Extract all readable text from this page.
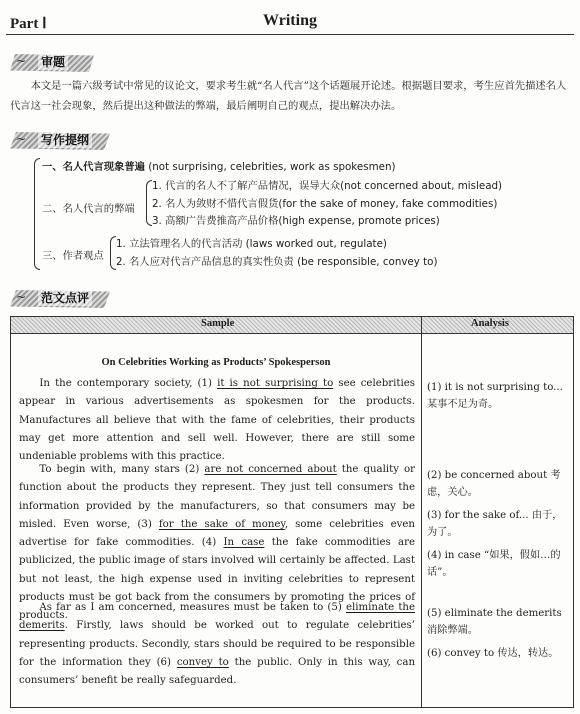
Part Ⅰ	Writing
~ 审题
本文是一篇六级考试中常见的议论文，要求考生就“名人代言”这个话题展开论述。根据题目要求，考生应首先描述名人代言这一社会现象，然后提出这种做法的弊端，最后阐明自己的观点，提出解决办法。
~ 写作提纲
一、名人代言现象普遍 (not surprising, celebrities, work as spokesmen)
二、名人代言的弊端
1. 代言的名人不了解产品情况，误导大众(not concerned about, mislead)
2. 名人为敛财不惜代言假货(for the sake of money, fake commodities)
3. 高额广告费推高产品价格(high expense, promote prices)
三、作者观点
1. 立法管理名人的代言活动 (laws worked out, regulate)
2. 名人应对代言产品信息的真实性负责 (be responsible, convey to)
~ 范文点评
Sample	Analysis
On Celebrities Working as Products’ Spokesperson

In the contemporary society, (1) it is not surprising to see celebrities appear in various advertisements as spokesmen for the products. Manufactures all believe that with the fame of celebrities, their products may get more attention and sell well. However, there are still some undeniable problems with this practice.

To begin with, many stars (2) are not concerned about the quality or function about the products they represent. They just tell consumers the information provided by the manufacturers, so that consumers may be misled. Even worse, (3) for the sake of money, some celebrities even advertise for fake commodities. (4) In case the fake commodities are publicized, the public image of stars involved will certainly be affected. Last but not least, the high expense used in inviting celebrities to represent products must be got back from the consumers by promoting the prices of products.

As far as I am concerned, measures must be taken to (5) eliminate the demerits. Firstly, laws should be worked out to regulate celebrities’ representing products. Secondly, stars should be required to be responsible for the information they (6) convey to the public. Only in this way, can consumers’ benefit be really safeguarded.

(1) it is not surprising to... 某事不足为奇。
(2) be concerned about 考虑，关心。
(3) for the sake of... 由于，为了。
(4) in case “如果，假如…的话”。
(5) eliminate the demerits 消除弊端。
(6) convey to 传达，转达。
